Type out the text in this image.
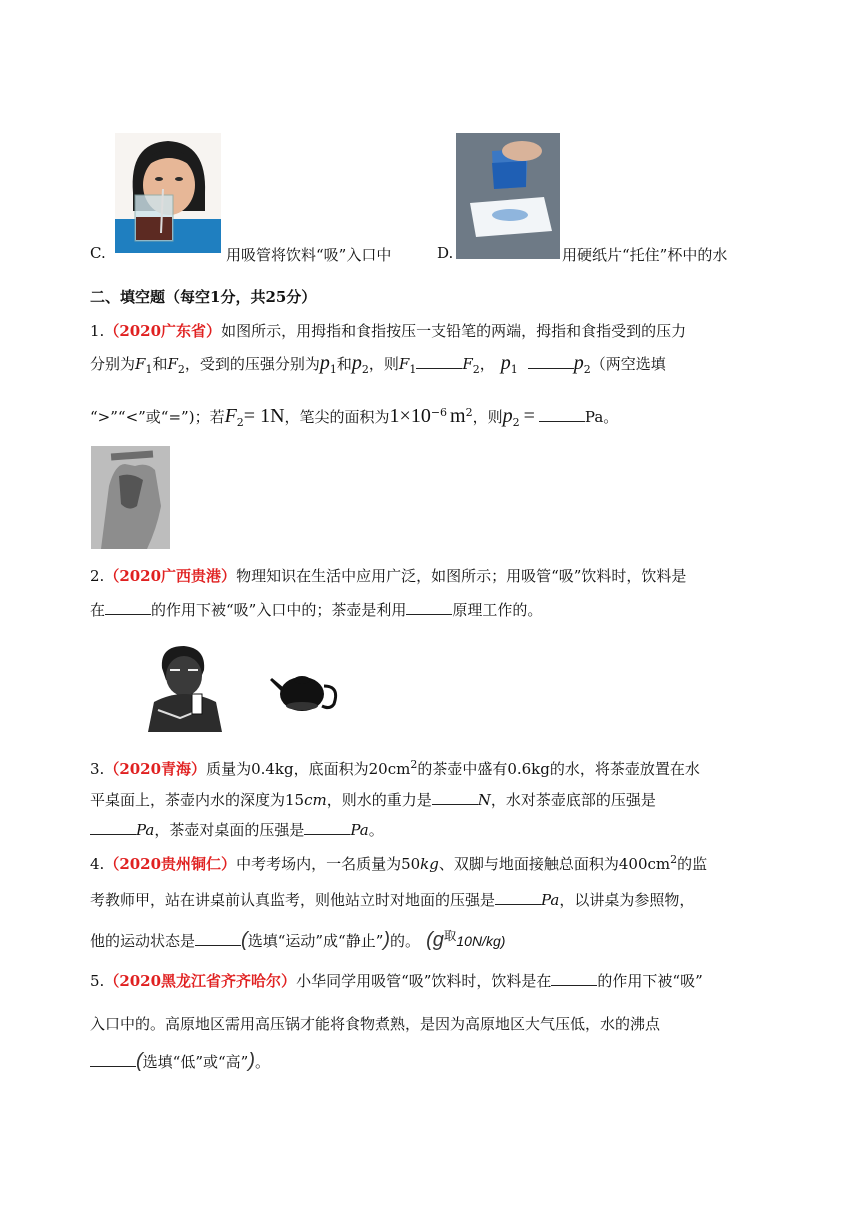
C.	用吸管将饮料“吸”入口中	D.	用硬纸片“托住”杯中的水
二、填空题（每空1分，共25分）
1.（2020广东省）如图所示，用拇指和食指按压一支铅笔的两端，拇指和食指受到的压力
分别为$F_1$和$F_2$，受到的压强分别为$p_1$和$p_2$，则$F_1$	$F_2$， $p_1$	$p_2$（两空选填
“>”“<”或“=”)；若$F_2= 1N$，笔尖的面积为$1\times 10^{-6}$ $m^2$，则$p_2$ =	Pa。
2.（2020广西贵港）物理知识在生活中应用广泛，如图所示；用吸管“吸”饮料时，饮料是
在	的作用下被“吸”入口中的；茶壶是利用	原理工作的。
3.（2020青海）质量为0.4kg，底面积为$20cm^2$的茶壶中盛有0.6kg的水，将茶壶放置在水
平桌面上，茶壶内水的深度为15cm，则水的重力是	N，水对茶壶底部的压强是
Pa，茶壶对桌面的压强是	Pa。
4.（2020贵州铜仁）中考考场内，一名质量为50kg、双脚与地面接触总面积为$400cm^2$的监
考教师甲，站在讲桌前认真监考，则他站立时对地面的压强是	Pa，以讲桌为参照物，
他的运动状态是 (选填“运动”成“静止”)的。 $(g^取10N/kg)$
5.（2020黑龙江省齐齐哈尔）小华同学用吸管“吸”饮料时，饮料是在	的作用下被“吸”
入口中的。高原地区需用高压锅才能将食物煮熟，是因为高原地区大气压低，水的沸点
(选填“低”或“高”)。
